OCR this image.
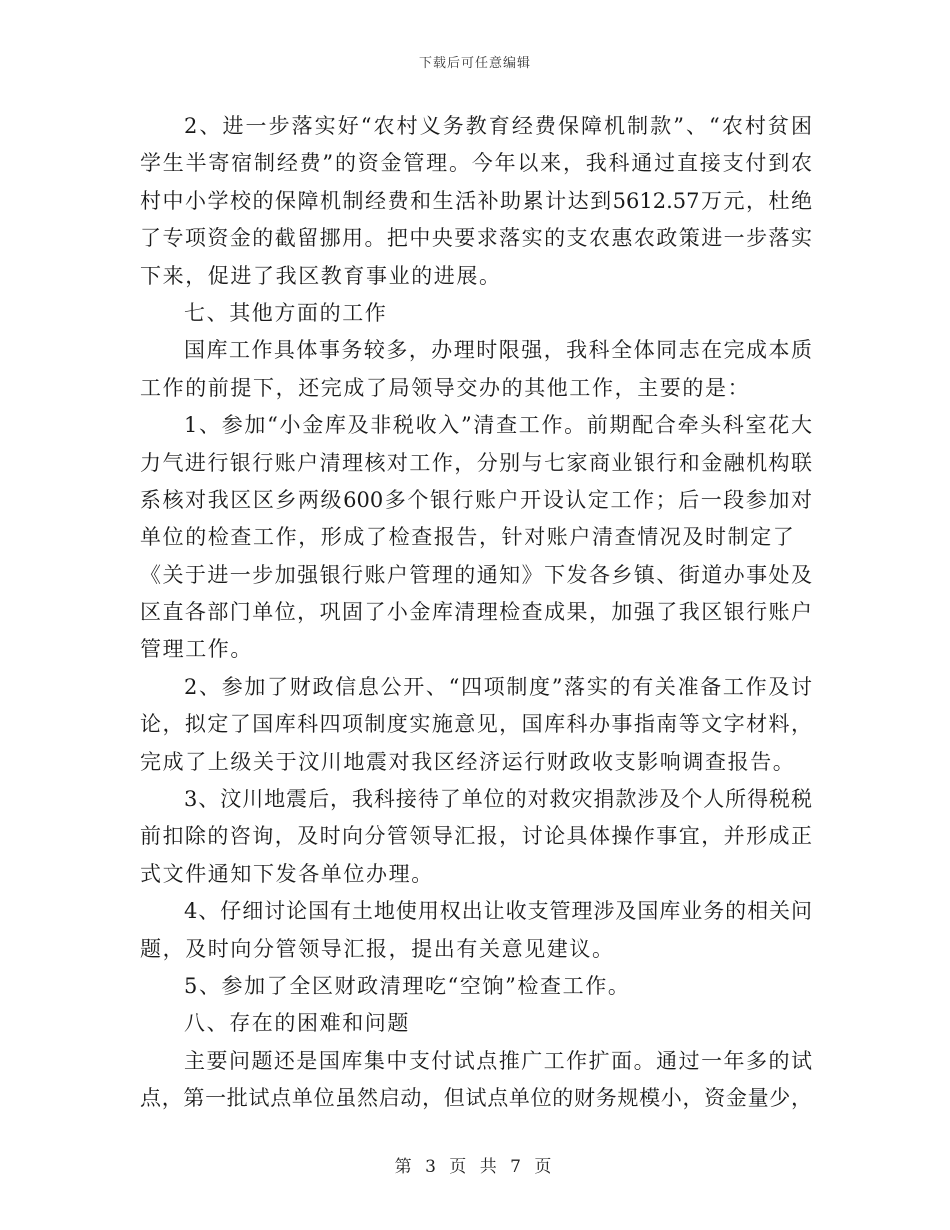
下载后可任意编辑
2、进一步落实好“农村义务教育经费保障机制款”、“农村贫困
学生半寄宿制经费”的资金管理。今年以来，我科通过直接支付到农
村中小学校的保障机制经费和生活补助累计达到5612.57万元，杜绝
了专项资金的截留挪用。把中央要求落实的支农惠农政策进一步落实
下来，促进了我区教育事业的进展。
七、其他方面的工作
国库工作具体事务较多，办理时限强，我科全体同志在完成本质
工作的前提下，还完成了局领导交办的其他工作，主要的是：
1、参加“小金库及非税收入”清查工作。前期配合牵头科室花大
力气进行银行账户清理核对工作，分别与七家商业银行和金融机构联
系核对我区区乡两级600多个银行账户开设认定工作；后一段参加对
单位的检查工作，形成了检查报告，针对账户清查情况及时制定了
《关于进一步加强银行账户管理的通知》下发各乡镇、街道办事处及
区直各部门单位，巩固了小金库清理检查成果，加强了我区银行账户
管理工作。
2、参加了财政信息公开、“四项制度”落实的有关准备工作及讨
论，拟定了国库科四项制度实施意见，国库科办事指南等文字材料，
完成了上级关于汶川地震对我区经济运行财政收支影响调查报告。
3、汶川地震后，我科接待了单位的对救灾捐款涉及个人所得税税
前扣除的咨询，及时向分管领导汇报，讨论具体操作事宜，并形成正
式文件通知下发各单位办理。
4、仔细讨论国有土地使用权出让收支管理涉及国库业务的相关问
题，及时向分管领导汇报，提出有关意见建议。
5、参加了全区财政清理吃“空饷”检查工作。
八、存在的困难和问题
主要问题还是国库集中支付试点推广工作扩面。通过一年多的试
点，第一批试点单位虽然启动，但试点单位的财务规模小，资金量少，
第 3 页 共 7 页
